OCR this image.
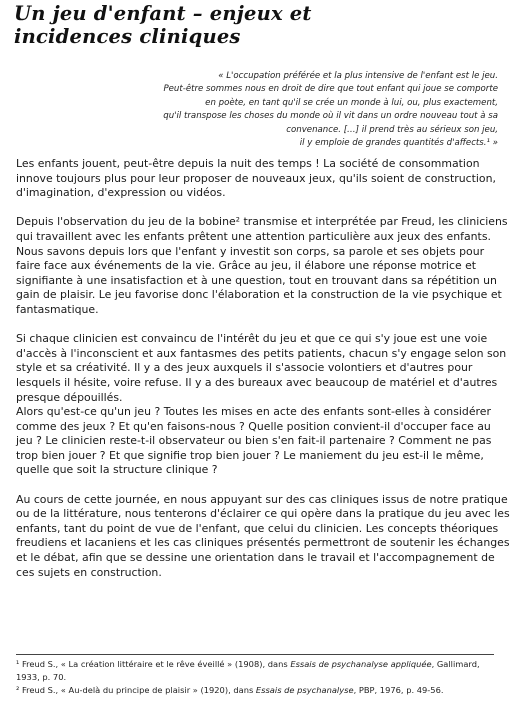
Un jeu d'enfant – enjeux et
incidences cliniques
« L'occupation préférée et la plus intensive de l'enfant est le jeu.
Peut-être sommes nous en droit de dire que tout enfant qui joue se comporte
en poète, en tant qu'il se crée un monde à lui, ou, plus exactement,
qu'il transpose les choses du monde où il vit dans un ordre nouveau tout à sa
convenance. […] il prend très au sérieux son jeu,
il y emploie de grandes quantités d'affects.¹ »

Les enfants jouent, peut-être depuis la nuit des temps ! La société de consommation
innove toujours plus pour leur proposer de nouveaux jeux, qu'ils soient de construction,
d'imagination, d'expression ou vidéos.

Depuis l'observation du jeu de la bobine² transmise et interprétée par Freud, les cliniciens
qui travaillent avec les enfants prêtent une attention particulière aux jeux des enfants.
Nous savons depuis lors que l'enfant y investit son corps, sa parole et ses objets pour
faire face aux événements de la vie. Grâce au jeu, il élabore une réponse motrice et
signifiante à une insatisfaction et à une question, tout en trouvant dans sa répétition un
gain de plaisir. Le jeu favorise donc l'élaboration et la construction de la vie psychique et
fantasmatique.

Si chaque clinicien est convaincu de l'intérêt du jeu et que ce qui s'y joue est une voie
d'accès à l'inconscient et aux fantasmes des petits patients, chacun s'y engage selon son
style et sa créativité. Il y a des jeux auxquels il s'associe volontiers et d'autres pour
lesquels il hésite, voire refuse. Il y a des bureaux avec beaucoup de matériel et d'autres
presque dépouillés.

Alors qu'est-ce qu'un jeu ? Toutes les mises en acte des enfants sont-elles à considérer
comme des jeux ? Et qu'en faisons-nous ? Quelle position convient-il d'occuper face au
jeu ? Le clinicien reste-t-il observateur ou bien s'en fait-il partenaire ? Comment ne pas
trop bien jouer ? Et que signifie trop bien jouer ? Le maniement du jeu est-il le même,
quelle que soit la structure clinique ?

Au cours de cette journée, en nous appuyant sur des cas cliniques issus de notre pratique
ou de la littérature, nous tenterons d'éclairer ce qui opère dans la pratique du jeu avec les
enfants, tant du point de vue de l'enfant, que celui du clinicien. Les concepts théoriques
freudiens et lacaniens et les cas cliniques présentés permettront de soutenir les échanges
et le débat, afin que se dessine une orientation dans le travail et l'accompagnement de
ces sujets en construction.

¹ Freud S., « La création littéraire et le rêve éveillé » (1908), dans Essais de psychanalyse appliquée, Gallimard,
1933, p. 70.
² Freud S., « Au-delà du principe de plaisir » (1920), dans Essais de psychanalyse, PBP, 1976, p. 49-56.
